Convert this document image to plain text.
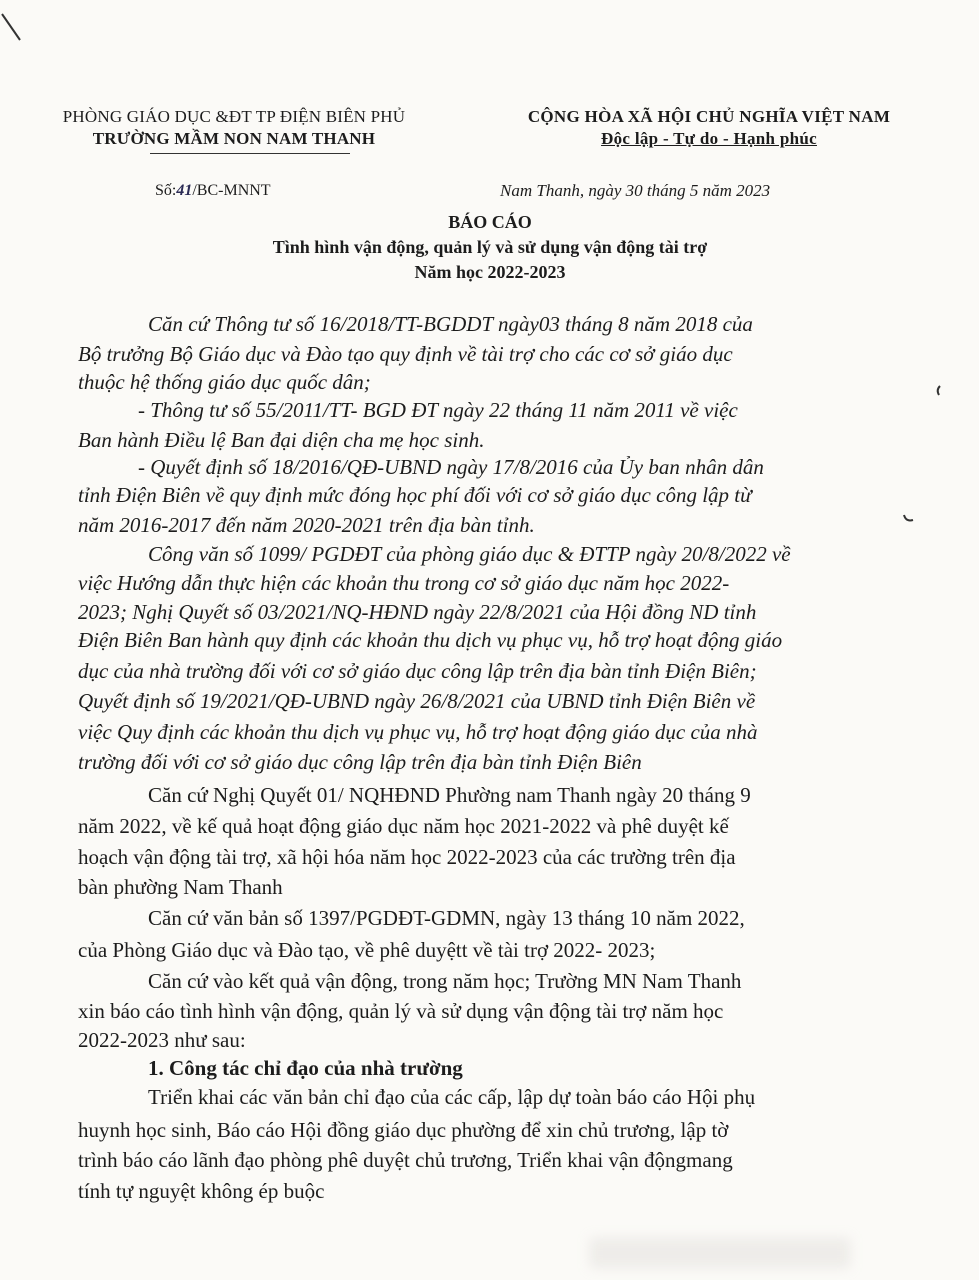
PHÒNG GIÁO DỤC &ĐT TP ĐIỆN BIÊN PHỦ
TRƯỜNG MẦM NON NAM THANH
CỘNG HÒA XÃ HỘI CHỦ NGHĨA VIỆT NAM
Độc lập - Tự do - Hạnh phúc
Số:41/BC-MNNT	Nam Thanh, ngày 30 tháng 5 năm 2023
BÁO CÁO
Tình hình vận động, quản lý và sử dụng vận động tài trợ
Năm học 2022-2023
Căn cứ Thông tư số 16/2018/TT-BGDDT ngày03 tháng 8 năm 2018 của
Bộ trưởng Bộ Giáo dục và Đào tạo quy định về tài trợ cho các cơ sở giáo dục
thuộc hệ thống giáo dục quốc dân;
- Thông tư số 55/2011/TT- BGD ĐT ngày 22 tháng 11 năm 2011 về việc
Ban hành Điều lệ Ban đại diện cha mẹ học sinh.
- Quyết định số 18/2016/QĐ-UBND ngày 17/8/2016 của Ủy ban nhân dân
tỉnh Điện Biên về quy định mức đóng học phí đối với cơ sở giáo dục công lập từ
năm 2016-2017 đến năm 2020-2021 trên địa bàn tỉnh.
Công văn số 1099/ PGDĐT của phòng giáo dục & ĐTTP ngày 20/8/2022 về
việc Hướng dẫn thực hiện các khoản thu trong cơ sở giáo dục năm học 2022-
2023; Nghị Quyết số 03/2021/NQ-HĐND ngày 22/8/2021 của Hội đồng ND tỉnh
Điện Biên Ban hành quy định các khoản thu dịch vụ phục vụ, hỗ trợ hoạt động giáo
dục của nhà trường đối với cơ sở giáo dục công lập trên địa bàn tỉnh Điện Biên;
Quyết định số 19/2021/QĐ-UBND ngày 26/8/2021 của UBND tỉnh Điện Biên về
việc Quy định các khoản thu dịch vụ phục vụ, hỗ trợ hoạt động giáo dục của nhà
trường đối với cơ sở giáo dục công lập trên địa bàn tỉnh Điện Biên
Căn cứ Nghị Quyết 01/ NQHĐND Phường nam Thanh ngày 20 tháng 9
năm 2022, về kế quả hoạt động giáo dục năm học 2021-2022 và phê duyệt kế
hoạch vận động tài trợ, xã hội hóa năm học 2022-2023 của các trường trên địa
bàn phường Nam Thanh
Căn cứ văn bản số 1397/PGDĐT-GDMN, ngày 13 tháng 10 năm 2022,
của Phòng Giáo dục và Đào tạo, về phê duyệtt về tài trợ 2022- 2023;
Căn cứ vào kết quả vận động, trong năm học; Trường MN Nam Thanh
xin báo cáo tình hình vận động, quản lý và sử dụng vận động tài trợ năm học
2022-2023 như sau:
1. Công tác chỉ đạo của nhà trường
Triển khai các văn bản chỉ đạo của các cấp, lập dự toàn báo cáo Hội phụ
huynh học sinh, Báo cáo Hội đồng giáo dục phường để xin chủ trương, lập tờ
trình báo cáo lãnh đạo phòng phê duyệt chủ trương, Triển khai vận độngmang
tính tự nguyệt không ép buộc
